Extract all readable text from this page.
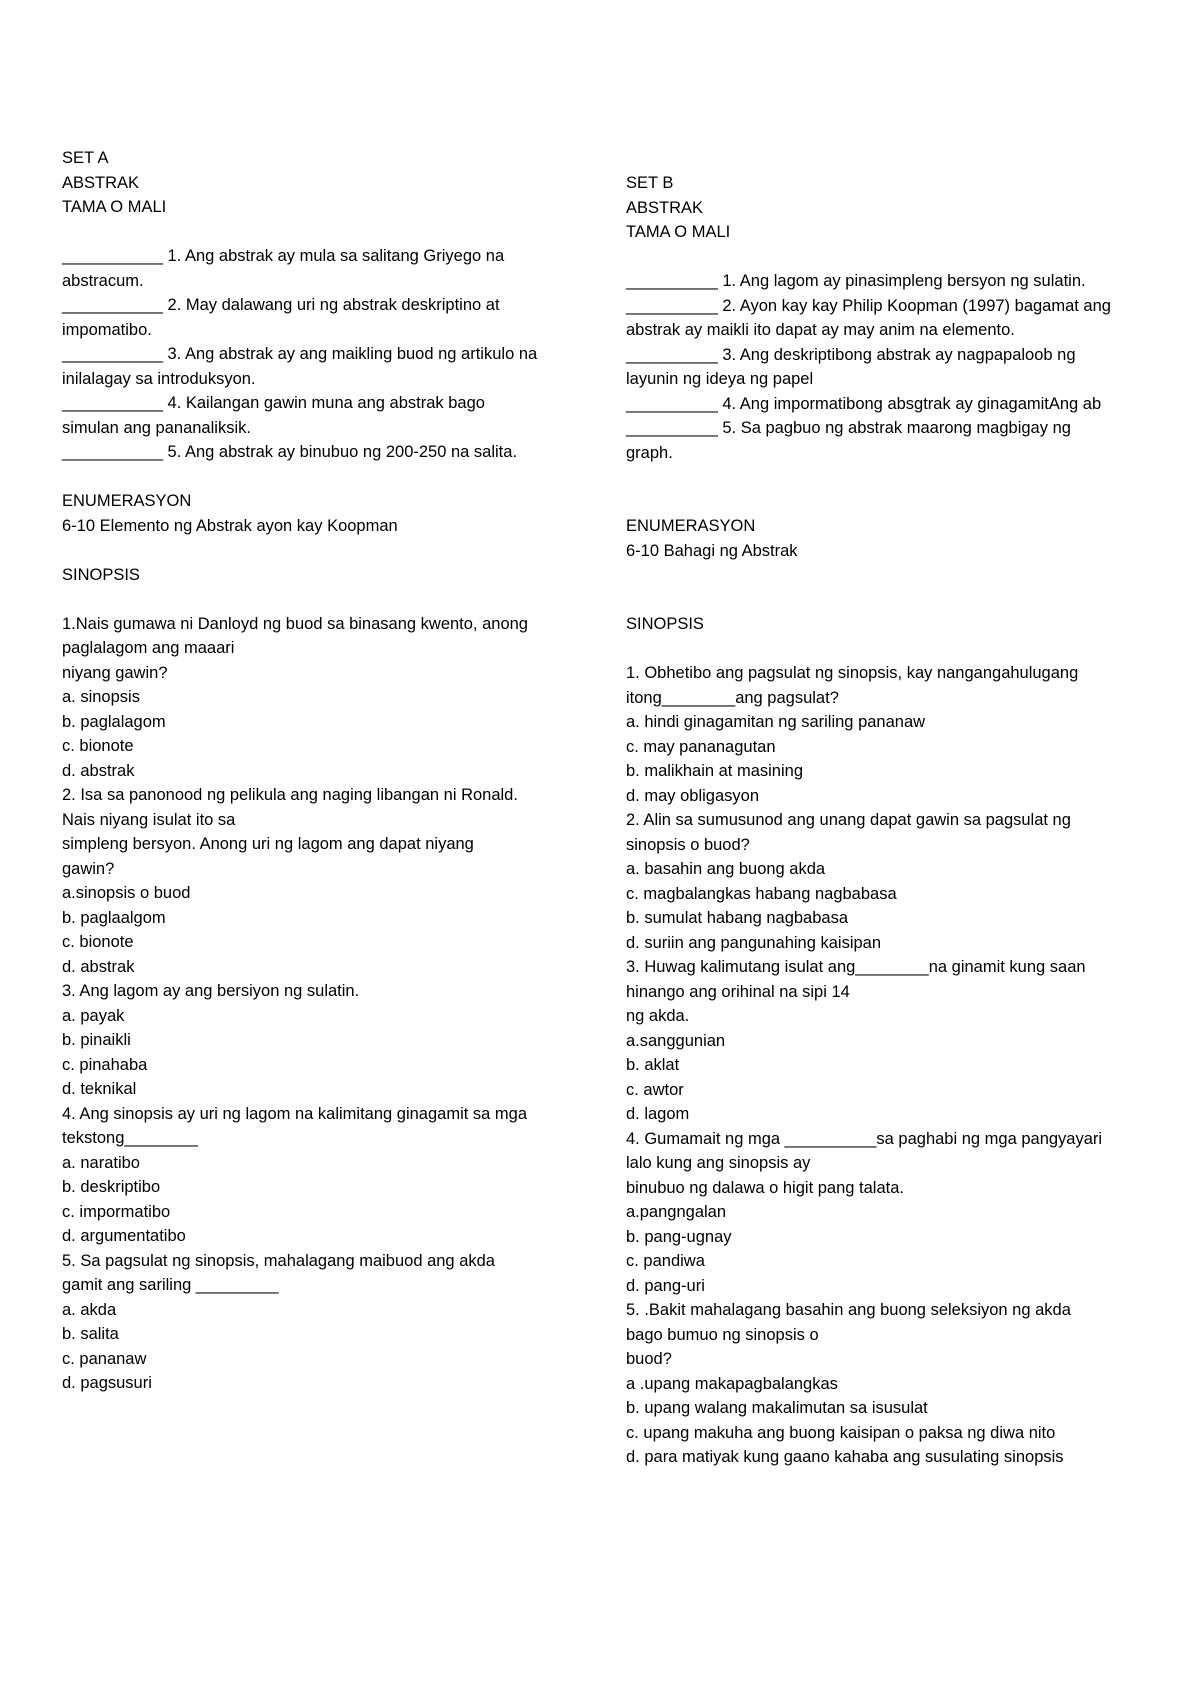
SET A
ABSTRAK
TAMA O MALI
___________ 1. Ang abstrak ay mula sa salitang Griyego na
abstracum.
___________ 2. May dalawang uri ng abstrak deskriptino at
impomatibo.
___________ 3. Ang abstrak ay ang maikling buod ng artikulo na
inilalagay sa introduksyon.
___________ 4. Kailangan gawin muna ang abstrak bago
simulan ang pananaliksik.
___________ 5. Ang abstrak ay binubuo ng 200-250 na salita.
ENUMERASYON
6-10 Elemento ng Abstrak ayon kay Koopman
SINOPSIS
1.Nais gumawa ni Danloyd ng buod sa binasang kwento, anong
paglalagom ang maaari
niyang gawin?
a. sinopsis
b. paglalagom
c. bionote
d. abstrak
2. Isa sa panonood ng pelikula ang naging libangan ni Ronald.
Nais niyang isulat ito sa
simpleng bersyon. Anong uri ng lagom ang dapat niyang
gawin?
a.sinopsis o buod
b. paglaalgom
c. bionote
d. abstrak
3. Ang lagom ay ang bersiyon ng sulatin.
a. payak
b. pinaikli
c. pinahaba
d. teknikal
4. Ang sinopsis ay uri ng lagom na kalimitang ginagamit sa mga
tekstong________
a. naratibo
b. deskriptibo
c. impormatibo
d. argumentatibo
5. Sa pagsulat ng sinopsis, mahalagang maibuod ang akda
gamit ang sariling _________
a. akda
b. salita
c. pananaw
d. pagsusuri
SET B
ABSTRAK
TAMA O MALI
__________ 1. Ang lagom ay pinasimpleng bersyon ng sulatin.
__________ 2. Ayon kay kay Philip Koopman (1997) bagamat ang
abstrak ay maikli ito dapat ay may anim na elemento.
__________ 3. Ang deskriptibong abstrak ay nagpapaloob ng
layunin ng ideya ng papel
__________ 4. Ang impormatibong absgtrak ay ginagamitAng ab
__________ 5. Sa pagbuo ng abstrak maarong magbigay ng
graph.
ENUMERASYON
6-10 Bahagi ng Abstrak
SINOPSIS
1. Obhetibo ang pagsulat ng sinopsis, kay nangangahulugang
itong________ang pagsulat?
a. hindi ginagamitan ng sariling pananaw
c. may pananagutan
b. malikhain at masining
d. may obligasyon
2. Alin sa sumusunod ang unang dapat gawin sa pagsulat ng
sinopsis o buod?
a. basahin ang buong akda
c. magbalangkas habang nagbabasa
b. sumulat habang nagbabasa
d. suriin ang pangunahing kaisipan
3. Huwag kalimutang isulat ang________na ginamit kung saan
hinango ang orihinal na sipi 14
ng akda.
a.sanggunian
b. aklat
c. awtor
d. lagom
4. Gumamait ng mga __________sa paghabi ng mga pangyayari
lalo kung ang sinopsis ay
binubuo ng dalawa o higit pang talata.
a.pangngalan
b. pang-ugnay
c. pandiwa
d. pang-uri
5. .Bakit mahalagang basahin ang buong seleksiyon ng akda
bago bumuo ng sinopsis o
buod?
a .upang makapagbalangkas
b. upang walang makalimutan sa isusulat
c. upang makuha ang buong kaisipan o paksa ng diwa nito
d. para matiyak kung gaano kahaba ang susulating sinopsis
